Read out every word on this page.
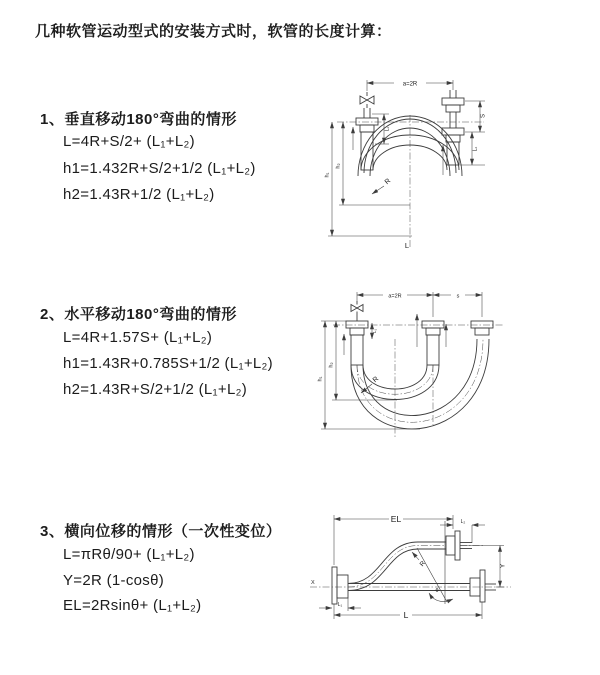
几种软管运动型式的安装方式时，软管的长度计算：
1、垂直移动180°弯曲的情形
L=4R+S/2+ (L₁+L₂)
h1=1.432R+S/2+1/2 (L₁+L₂)
h2=1.43R+1/2 (L₁+L₂)
2、水平移动180°弯曲的情形
L=4R+1.57S+ (L₁+L₂)
h1=1.43R+0.785S+1/2 (L₁+L₂)
h2=1.43R+S/2+1/2 (L₁+L₂)
3、横向位移的情形（一次性变位）
L=πRθ/90+ (L₁+L₂)
Y=2R (1-cosθ)
EL=2Rsinθ+ (L₁+L₂)
a=2R
h₁
h₂
L₁
S
L₂
R
L
a=2R	s
L₁
h₁
h₂
R
X
EL	L₂
Y
R
θ
L₁
L
